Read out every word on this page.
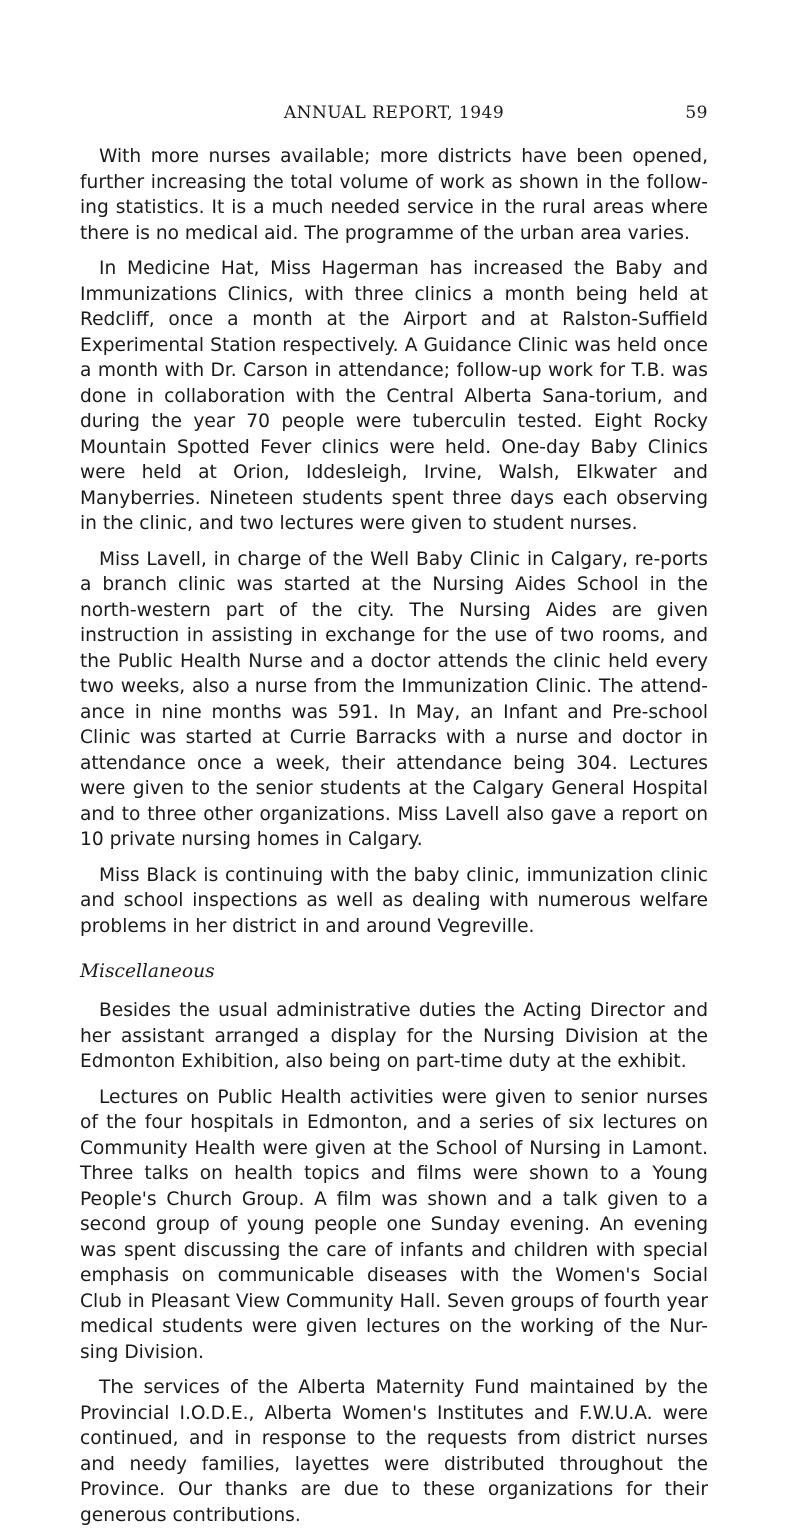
ANNUAL REPORT, 1949	59

With more nurses available; more districts have been opened, further increasing the total volume of work as shown in the follow-ing statistics. It is a much needed service in the rural areas where there is no medical aid. The programme of the urban area varies.

In Medicine Hat, Miss Hagerman has increased the Baby and Immunizations Clinics, with three clinics a month being held at Redcliff, once a month at the Airport and at Ralston-Suffield Experimental Station respectively. A Guidance Clinic was held once a month with Dr. Carson in attendance; follow-up work for T.B. was done in collaboration with the Central Alberta Sana-torium, and during the year 70 people were tuberculin tested. Eight Rocky Mountain Spotted Fever clinics were held. One-day Baby Clinics were held at Orion, Iddesleigh, Irvine, Walsh, Elkwater and Manyberries. Nineteen students spent three days each observing in the clinic, and two lectures were given to student nurses.

Miss Lavell, in charge of the Well Baby Clinic in Calgary, re-ports a branch clinic was started at the Nursing Aides School in the north-western part of the city. The Nursing Aides are given instruction in assisting in exchange for the use of two rooms, and the Public Health Nurse and a doctor attends the clinic held every two weeks, also a nurse from the Immunization Clinic. The attend-ance in nine months was 591. In May, an Infant and Pre-school Clinic was started at Currie Barracks with a nurse and doctor in attendance once a week, their attendance being 304. Lectures were given to the senior students at the Calgary General Hospital and to three other organizations. Miss Lavell also gave a report on 10 private nursing homes in Calgary.

Miss Black is continuing with the baby clinic, immunization clinic and school inspections as well as dealing with numerous welfare problems in her district in and around Vegreville.

Miscellaneous

Besides the usual administrative duties the Acting Director and her assistant arranged a display for the Nursing Division at the Edmonton Exhibition, also being on part-time duty at the exhibit.

Lectures on Public Health activities were given to senior nurses of the four hospitals in Edmonton, and a series of six lectures on Community Health were given at the School of Nursing in Lamont. Three talks on health topics and films were shown to a Young People's Church Group. A film was shown and a talk given to a second group of young people one Sunday evening. An evening was spent discussing the care of infants and children with special emphasis on communicable diseases with the Women's Social Club in Pleasant View Community Hall. Seven groups of fourth year medical students were given lectures on the working of the Nur-sing Division.

The services of the Alberta Maternity Fund maintained by the Provincial I.O.D.E., Alberta Women's Institutes and F.W.U.A. were continued, and in response to the requests from district nurses and needy families, layettes were distributed throughout the Province. Our thanks are due to these organizations for their generous contributions.
